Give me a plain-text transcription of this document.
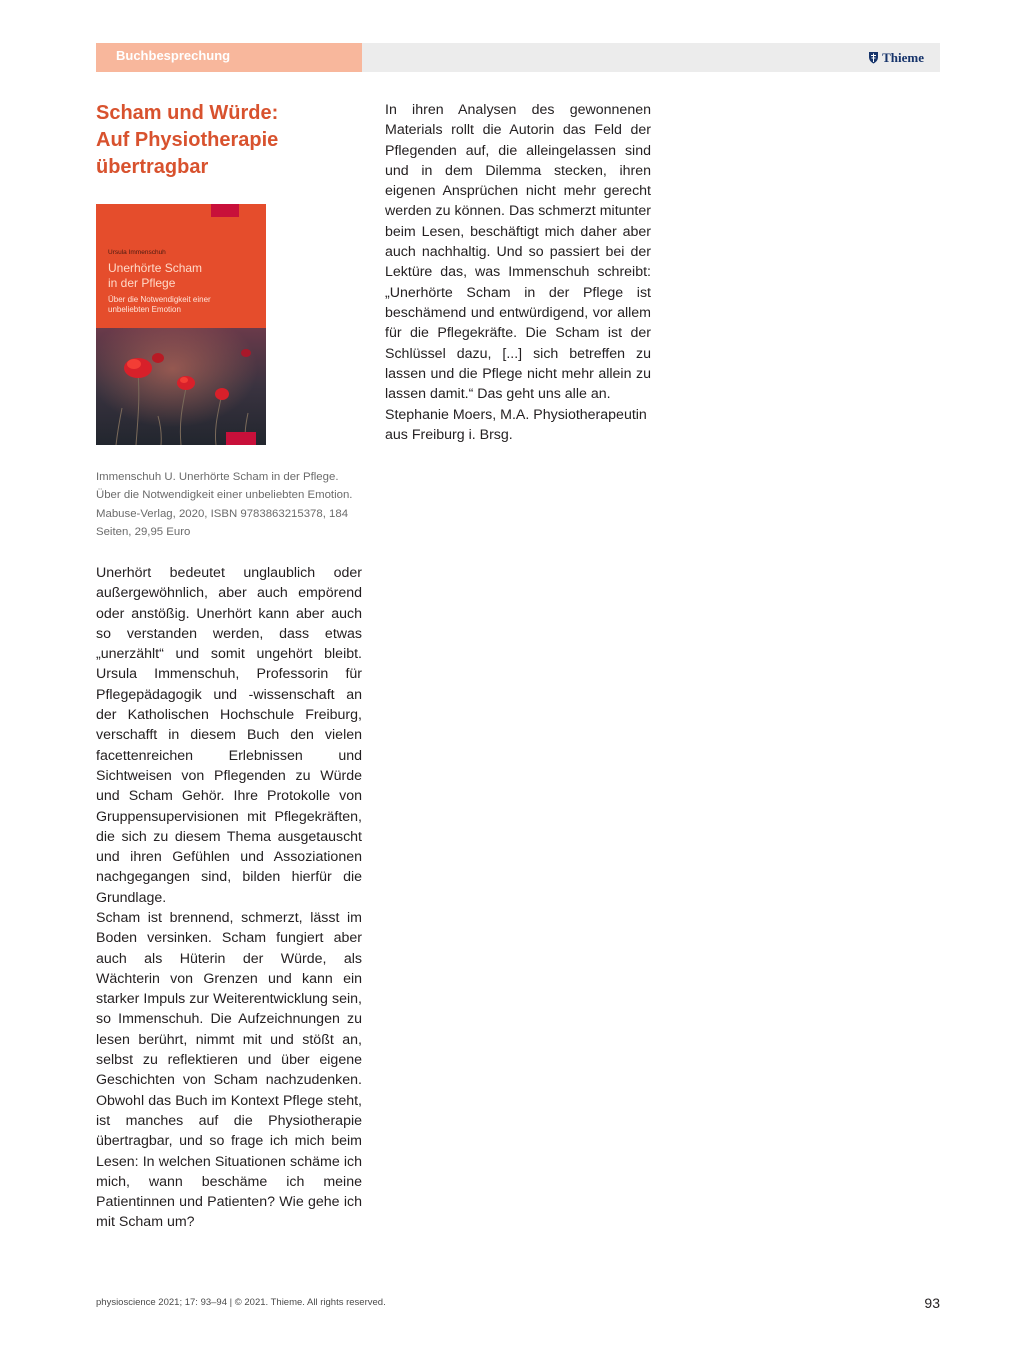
Buchbesprechung	Thieme
Scham und Würde:
Auf Physiotherapie
übertragbar
Ursula Immenschuh
Unerhörte Scham
in der Pflege
Über die Notwendigkeit einer
unbeliebten Emotion

Immenschuh U. Unerhörte Scham in der Pflege. Über die Notwendigkeit einer unbeliebten Emotion. Mabuse-Verlag, 2020, ISBN 9783863215378, 184 Seiten, 29,95 Euro

Unerhört bedeutet unglaublich oder außergewöhnlich, aber auch empörend oder anstößig. Unerhört kann aber auch so verstanden werden, dass etwas „unerzählt“ und somit ungehört bleibt. Ursula Immenschuh, Professorin für Pflegepädagogik und -wissenschaft an der Katholischen Hochschule Freiburg, verschafft in diesem Buch den vielen facettenreichen Erlebnissen und Sichtweisen von Pflegenden zu Würde und Scham Gehör. Ihre Protokolle von Gruppensupervisionen mit Pflegekräften, die sich zu diesem Thema ausgetauscht und ihren Gefühlen und Assoziationen nachgegangen sind, bilden hierfür die Grundlage.

Scham ist brennend, schmerzt, lässt im Boden versinken. Scham fungiert aber auch als Hüterin der Würde, als Wächterin von Grenzen und kann ein starker Impuls zur Weiterentwicklung sein, so Immenschuh. Die Aufzeichnungen zu lesen berührt, nimmt mit und stößt an, selbst zu reflektieren und über eigene Geschichten von Scham nachzudenken. Obwohl das Buch im Kontext Pflege steht, ist manches auf die Physiotherapie übertragbar, und so frage ich mich beim Lesen: In welchen Situationen schäme ich mich, wann beschäme ich meine Patientinnen und Patienten? Wie gehe ich mit Scham um?

In ihren Analysen des gewonnenen Materials rollt die Autorin das Feld der Pflegenden auf, die alleingelassen sind und in dem Dilemma stecken, ihren eigenen Ansprüchen nicht mehr gerecht werden zu können. Das schmerzt mitunter beim Lesen, beschäftigt mich daher aber auch nachhaltig. Und so passiert bei der Lektüre das, was Immenschuh schreibt: „Unerhörte Scham in der Pflege ist beschämend und entwürdigend, vor allem für die Pflegekräfte. Die Scham ist der Schlüssel dazu, [...] sich betreffen zu lassen und die Pflege nicht mehr allein zu lassen damit.“ Das geht uns alle an.

Stephanie Moers, M.A. Physiotherapeutin aus Freiburg i. Brsg.

physioscience 2021; 17: 93–94 | © 2021. Thieme. All rights reserved.	93
